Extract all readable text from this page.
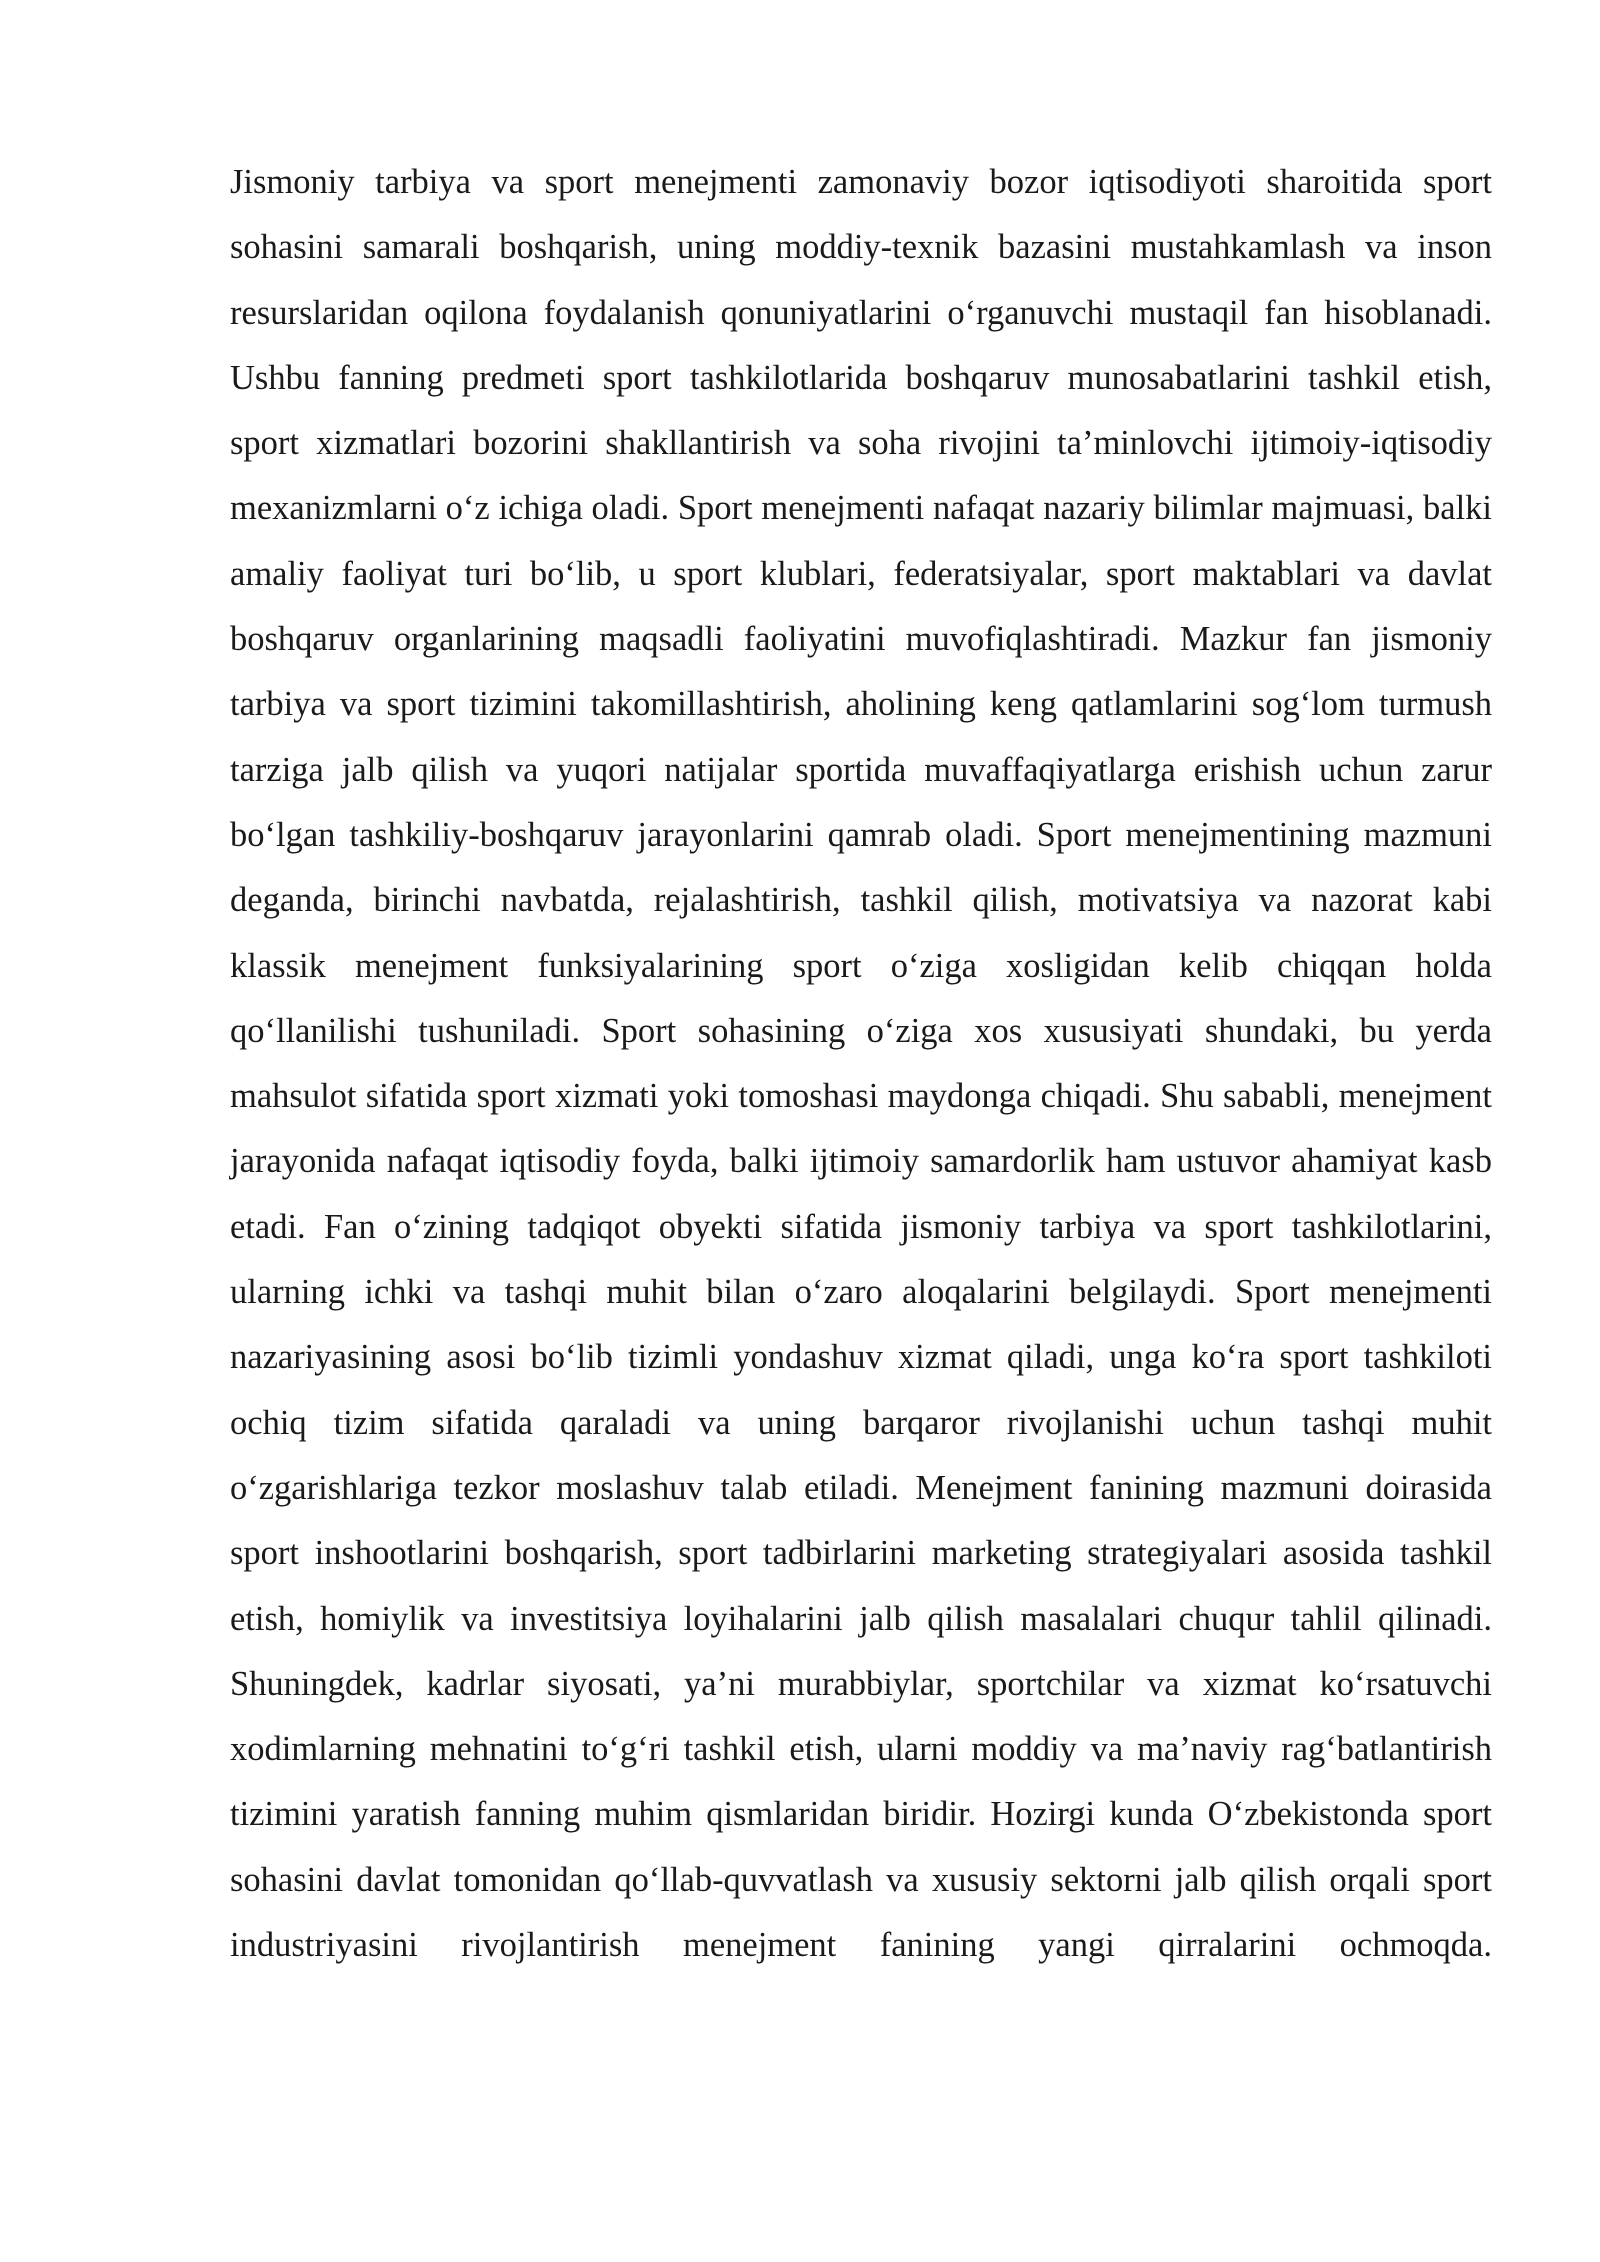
Jismoniy tarbiya va sport menejmenti zamonaviy bozor iqtisodiyoti sharoitida sport sohasini samarali boshqarish, uning moddiy-texnik bazasini mustahkamlash va inson resurslaridan oqilona foydalanish qonuniyatlarini o‘rganuvchi mustaqil fan hisoblanadi. Ushbu fanning predmeti sport tashkilotlarida boshqaruv munosabatlarini tashkil etish, sport xizmatlari bozorini shakllantirish va soha rivojini ta’minlovchi ijtimoiy-iqtisodiy mexanizmlarni o‘z ichiga oladi. Sport menejmenti nafaqat nazariy bilimlar majmuasi, balki amaliy faoliyat turi bo‘lib, u sport klublari, federatsiyalar, sport maktablari va davlat boshqaruv organlarining maqsadli faoliyatini muvofiqlashtiradi. Mazkur fan jismoniy tarbiya va sport tizimini takomillashtirish, aholining keng qatlamlarini sog‘lom turmush tarziga jalb qilish va yuqori natijalar sportida muvaffaqiyatlarga erishish uchun zarur bo‘lgan tashkiliy-boshqaruv jarayonlarini qamrab oladi. Sport menejmentining mazmuni deganda, birinchi navbatda, rejalashtirish, tashkil qilish, motivatsiya va nazorat kabi klassik menejment funksiyalarining sport o‘ziga xosligidan kelib chiqqan holda qo‘llanilishi tushuniladi. Sport sohasining o‘ziga xos xususiyati shundaki, bu yerda mahsulot sifatida sport xizmati yoki tomoshasi maydonga chiqadi. Shu sababli, menejment jarayonida nafaqat iqtisodiy foyda, balki ijtimoiy samardorlik ham ustuvor ahamiyat kasb etadi. Fan o‘zining tadqiqot obyekti sifatida jismoniy tarbiya va sport tashkilotlarini, ularning ichki va tashqi muhit bilan o‘zaro aloqalarini belgilaydi. Sport menejmenti nazariyasining asosi bo‘lib tizimli yondashuv xizmat qiladi, unga ko‘ra sport tashkiloti ochiq tizim sifatida qaraladi va uning barqaror rivojlanishi uchun tashqi muhit o‘zgarishlariga tezkor moslashuv talab etiladi. Menejment fanining mazmuni doirasida sport inshootlarini boshqarish, sport tadbirlarini marketing strategiyalari asosida tashkil etish, homiylik va investitsiya loyihalarini jalb qilish masalalari chuqur tahlil qilinadi. Shuningdek, kadrlar siyosati, ya’ni murabbiylar, sportchilar va xizmat ko‘rsatuvchi xodimlarning mehnatini to‘g‘ri tashkil etish, ularni moddiy va ma’naviy rag‘batlantirish tizimini yaratish fanning muhim qismlaridan biridir. Hozirgi kunda O‘zbekistonda sport sohasini davlat tomonidan qo‘llab-quvvatlash va xususiy sektorni jalb qilish orqali sport industriyasini rivojlantirish menejment fanining yangi qirralarini ochmoqda.
